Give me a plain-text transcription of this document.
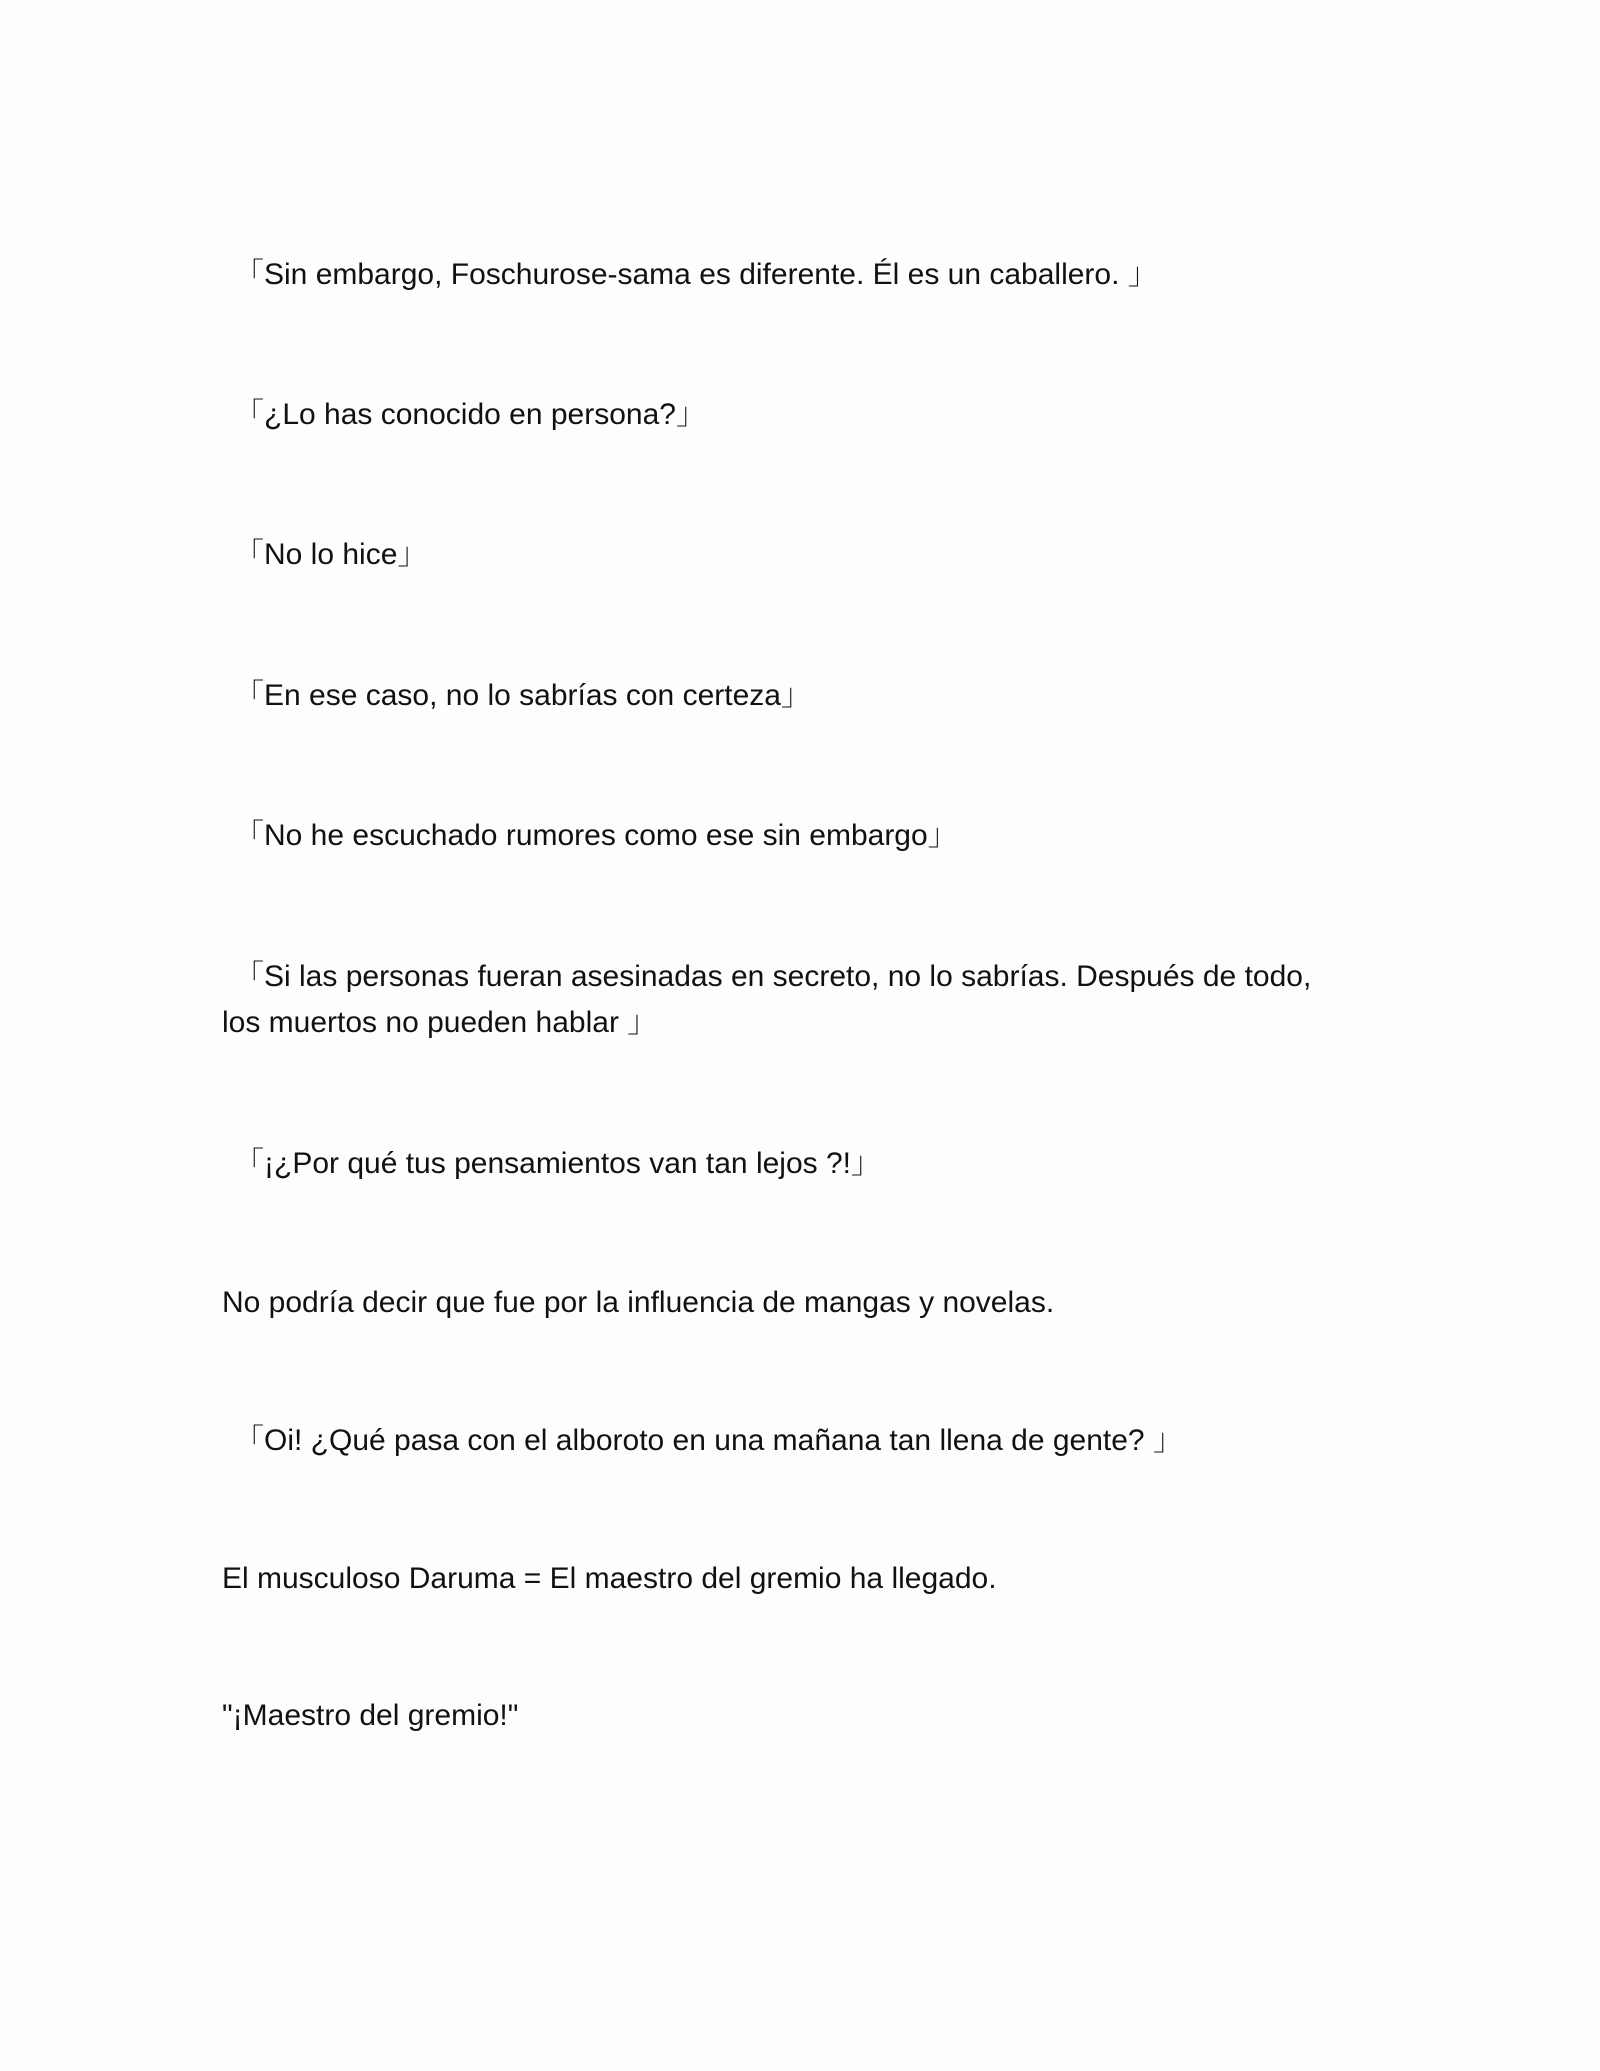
「Sin embargo, Foschurose-sama es diferente. Él es un caballero. 」

「¿Lo has conocido en persona?」

「No lo hice」

「En ese caso, no lo sabrías con certeza」

「No he escuchado rumores como ese sin embargo」

「Si las personas fueran asesinadas en secreto, no lo sabrías. Después de todo,

los muertos no pueden hablar 」

「¡¿Por qué tus pensamientos van tan lejos ?!」

No podría decir que fue por la influencia de mangas y novelas.

「Oi! ¿Qué pasa con el alboroto en una mañana tan llena de gente? 」

El musculoso Daruma = El maestro del gremio ha llegado.

"¡Maestro del gremio!"
